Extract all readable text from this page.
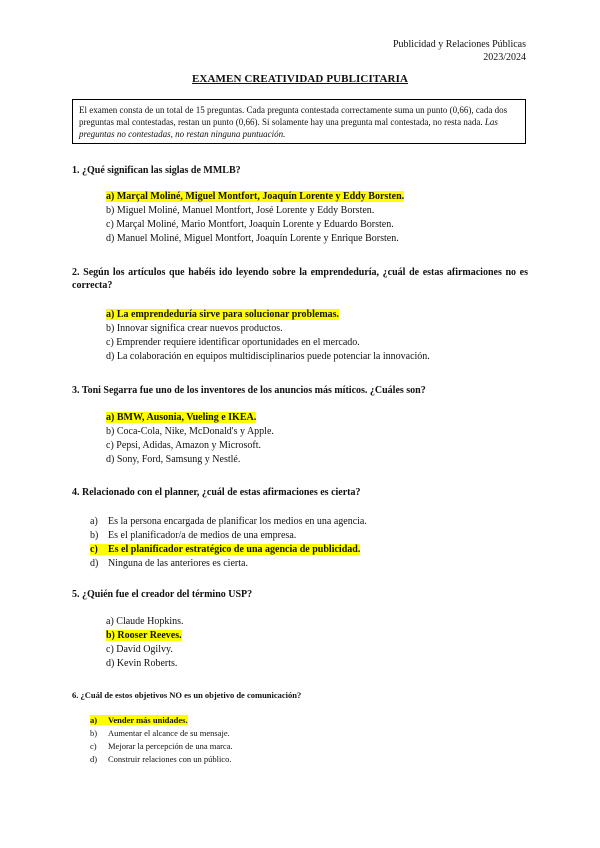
Publicidad y Relaciones Públicas
2023/2024
EXAMEN CREATIVIDAD PUBLICITARIA
El examen consta de un total de 15 preguntas. Cada pregunta contestada correctamente suma un punto (0,66), cada dos preguntas mal contestadas, restan un punto (0,66). Si solamente hay una pregunta mal contestada, no resta nada. Las preguntas no contestadas, no restan ninguna puntuación.
1. ¿Qué significan las siglas de MMLB?
a) Marçal Moliné, Miguel Montfort, Joaquín Lorente y Eddy Borsten.
b) Miguel Moliné, Manuel Montfort, José Lorente y Eddy Borsten.
c) Marçal Moliné, Mario Montfort, Joaquín Lorente y Eduardo Borsten.
d) Manuel Moliné, Miguel Montfort, Joaquín Lorente y Enrique Borsten.
2. Según los artículos que habéis ido leyendo sobre la emprendeduría, ¿cuál de estas afirmaciones no es correcta?
a) La emprendeduría sirve para solucionar problemas.
b) Innovar significa crear nuevos productos.
c) Emprender requiere identificar oportunidades en el mercado.
d) La colaboración en equipos multidisciplinarios puede potenciar la innovación.
3. Toni Segarra fue uno de los inventores de los anuncios más míticos. ¿Cuáles son?
a) BMW, Ausonia, Vueling e IKEA.
b) Coca-Cola, Nike, McDonald's y Apple.
c) Pepsi, Adidas, Amazon y Microsoft.
d) Sony, Ford, Samsung y Nestlé.
4. Relacionado con el planner, ¿cuál de estas afirmaciones es cierta?
a) Es la persona encargada de planificar los medios en una agencia.
b) Es el planificador/a de medios de una empresa.
c) Es el planificador estratégico de una agencia de publicidad.
d) Ninguna de las anteriores es cierta.
5. ¿Quién fue el creador del término USP?
a) Claude Hopkins.
b) Rooser Reeves.
c) David Ogilvy.
d) Kevin Roberts.
6. ¿Cuál de estos objetivos NO es un objetivo de comunicación?
a) Vender más unidades.
b) Aumentar el alcance de su mensaje.
c) Mejorar la percepción de una marca.
d) Construir relaciones con un público.
